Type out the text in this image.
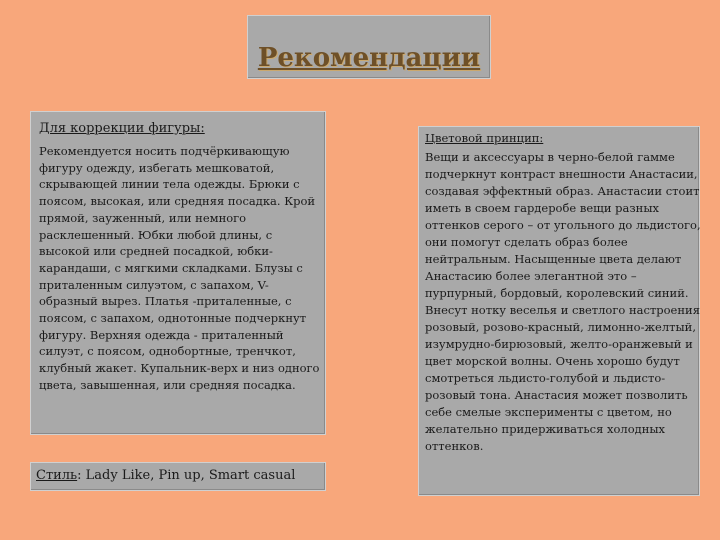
Рекомендации
Для коррекции фигуры:

Рекомендуется носить подчёркивающую фигуру одежду, избегать мешковатой, скрывающей линии тела одежды. Брюки с поясом, высокая, или средняя посадка. Крой прямой, зауженный, или немного расклешенный. Юбки любой длины, с высокой или средней посадкой, юбки-карандаши, с мягкими складками. Блузы с приталенным силуэтом, с запахом, V-образный вырез. Платья -приталенные, с поясом, с запахом, однотонные подчеркнут фигуру. Верхняя одежда - приталенный силуэт, с поясом, однобортные, тренчкот, клубный жакет. Купальник-верх и низ одного цвета, завышенная, или средняя посадка.

Стиль: Lady Like, Pin up, Smart casual
Цветовой принцип:

Вещи и аксессуары в черно-белой гамме подчеркнут контраст внешности Анастасии, создавая эффектный образ. Анастасии стоит иметь в своем гардеробе вещи разных оттенков серого – от угольного до льдистого, они помогут сделать образ более нейтральным. Насыщенные цвета делают Анастасию более элегантной это – пурпурный, бордовый, королевский синий. Внесут нотку веселья и светлого настроения розовый, розово-красный, лимонно-желтый, изумрудно-бирюзовый, желто-оранжевый и цвет морской волны. Очень хорошо будут смотреться льдисто-голубой и льдисто-розовый тона. Анастасия может позволить себе смелые эксперименты с цветом, но желательно придерживаться холодных оттенков.
